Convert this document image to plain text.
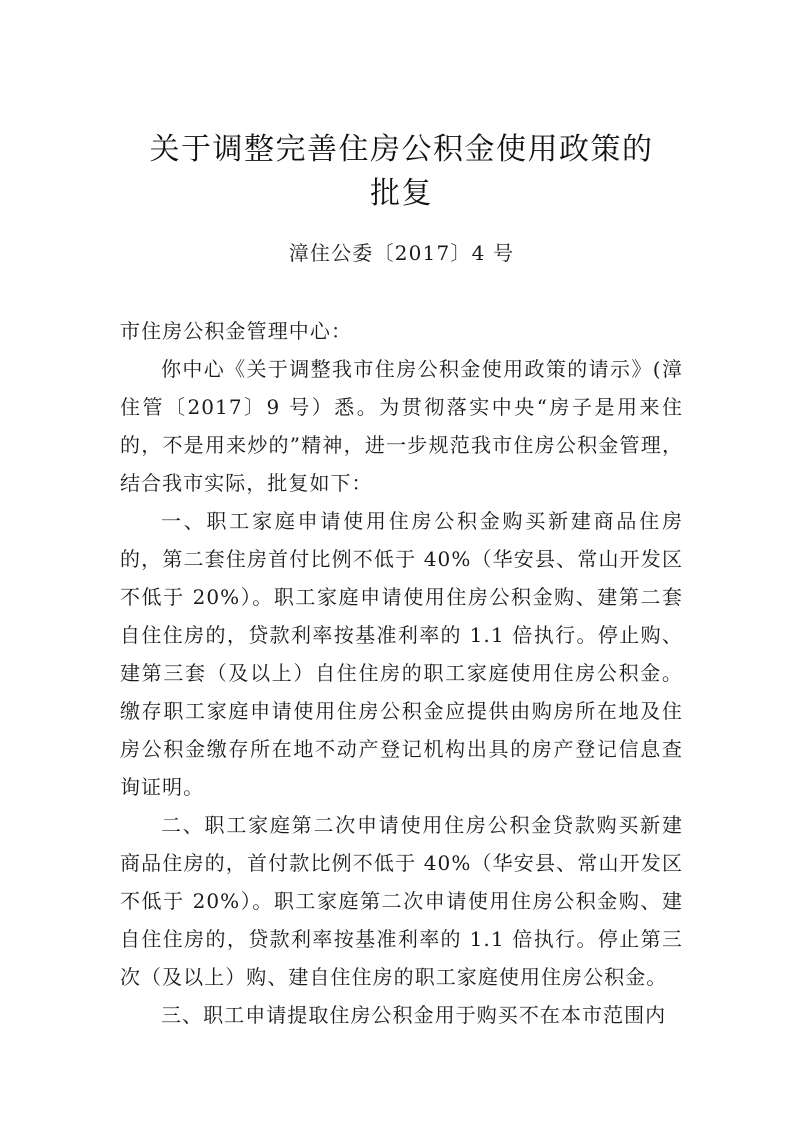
关于调整完善住房公积金使用政策的
批复
漳住公委〔2017〕4 号
市住房公积金管理中心：

你中心《关于调整我市住房公积金使用政策的请示》(漳住管〔2017〕9 号）悉。为贯彻落实中央“房子是用来住的，不是用来炒的”精神，进一步规范我市住房公积金管理，结合我市实际，批复如下：

一、职工家庭申请使用住房公积金购买新建商品住房的，第二套住房首付比例不低于 40%（华安县、常山开发区不低于 20%）。职工家庭申请使用住房公积金购、建第二套自住住房的，贷款利率按基准利率的 1.1 倍执行。停止购、建第三套（及以上）自住住房的职工家庭使用住房公积金。缴存职工家庭申请使用住房公积金应提供由购房所在地及住房公积金缴存所在地不动产登记机构出具的房产登记信息查询证明。

二、职工家庭第二次申请使用住房公积金贷款购买新建商品住房的，首付款比例不低于 40%（华安县、常山开发区不低于 20%）。职工家庭第二次申请使用住房公积金购、建自住住房的，贷款利率按基准利率的 1.1 倍执行。停止第三次（及以上）购、建自住住房的职工家庭使用住房公积金。

三、职工申请提取住房公积金用于购买不在本市范围内
